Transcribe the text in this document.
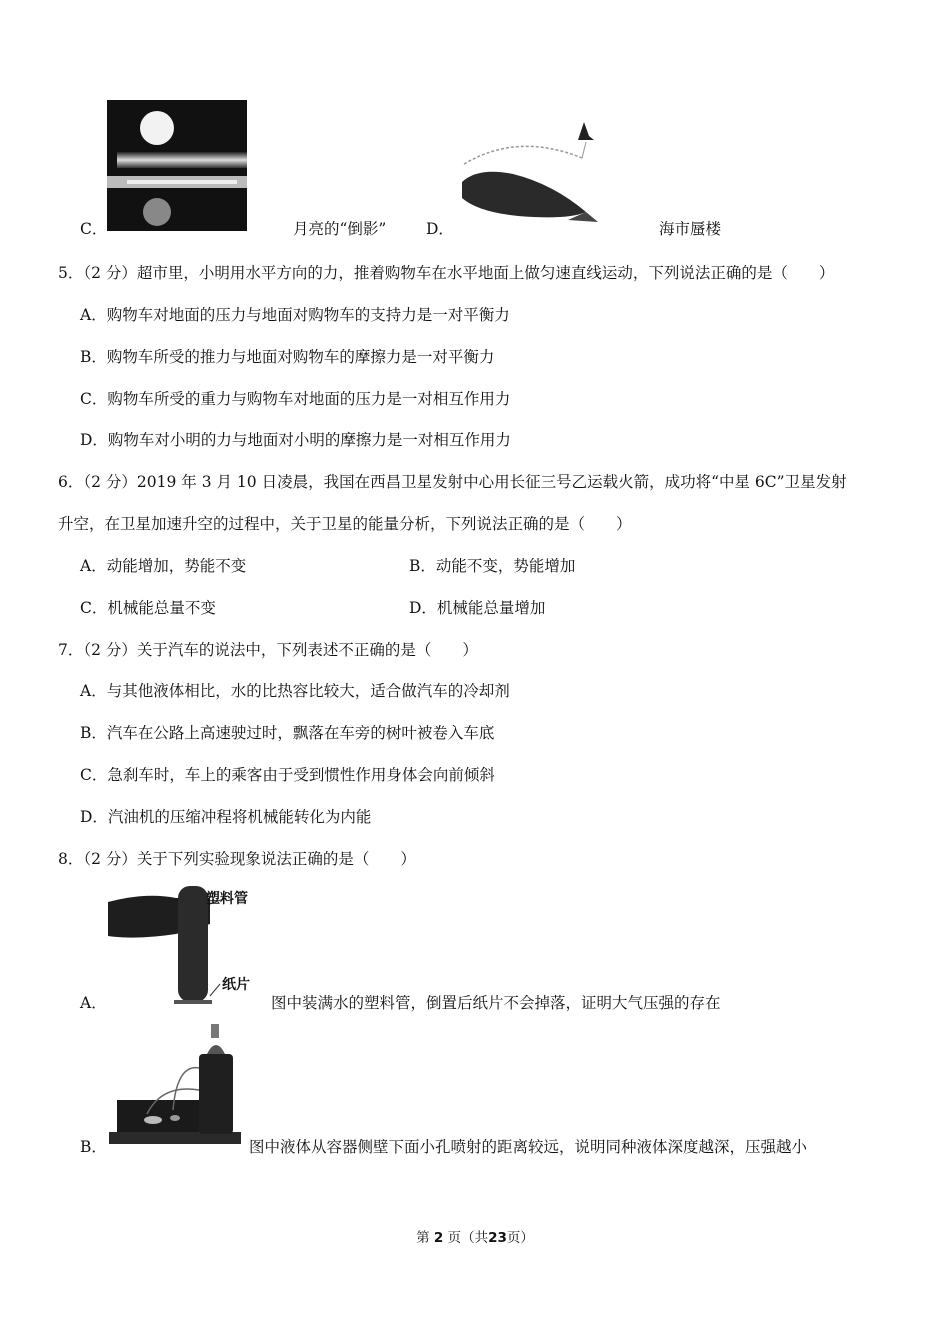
C．	月亮的“倒影”	D．	海市蜃楼
5．（2 分）超市里，小明用水平方向的力，推着购物车在水平地面上做匀速直线运动，下列说法正确的是（　　）
A．购物车对地面的压力与地面对购物车的支持力是一对平衡力
B．购物车所受的推力与地面对购物车的摩擦力是一对平衡力
C．购物车所受的重力与购物车对地面的压力是一对相互作用力
D．购物车对小明的力与地面对小明的摩擦力是一对相互作用力
6．（2 分）2019 年 3 月 10 日凌晨，我国在西昌卫星发射中心用长征三号乙运载火箭，成功将“中星 6C”卫星发射
升空，在卫星加速升空的过程中，关于卫星的能量分析，下列说法正确的是（　　）
A．动能增加，势能不变	B．动能不变，势能增加
C．机械能总量不变	D．机械能总量增加
7．（2 分）关于汽车的说法中，下列表述不正确的是（　　）
A．与其他液体相比，水的比热容比较大，适合做汽车的冷却剂
B．汽车在公路上高速驶过时，飘落在车旁的树叶被卷入车底
C．急刹车时，车上的乘客由于受到惯性作用身体会向前倾斜
D．汽油机的压缩冲程将机械能转化为内能
8．（2 分）关于下列实验现象说法正确的是（　　）
塑料管
纸片
A．	图中装满水的塑料管，倒置后纸片不会掉落，证明大气压强的存在
B．	图中液体从容器侧壁下面小孔喷射的距离较远，说明同种液体深度越深，压强越小
第 2 页（共23页）
